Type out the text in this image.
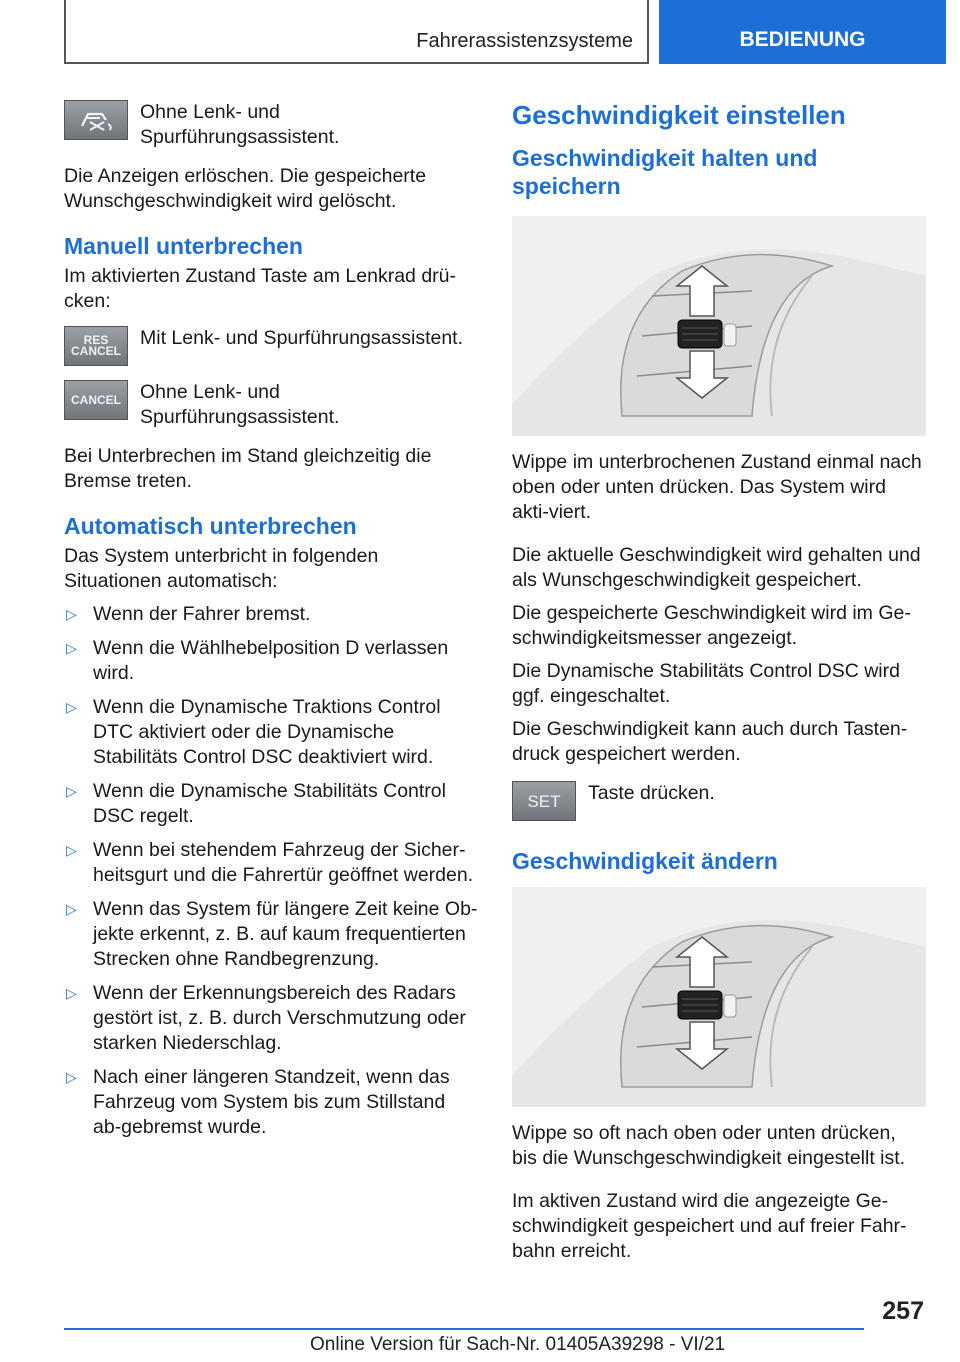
Fahrerassistenzsysteme	BEDIENUNG
Ohne Lenk- und Spurführungsassistent.

Die Anzeigen erlöschen. Die gespeicherte Wunschgeschwindigkeit wird gelöscht.

Manuell unterbrechen

Im aktivierten Zustand Taste am Lenkrad drü‐cken:

RES
CANCEL
Mit Lenk- und Spurführungsassistent.
CANCEL Ohne Lenk- und Spurführungsassistent.

Bei Unterbrechen im Stand gleichzeitig die Bremse treten.

Automatisch unterbrechen

Das System unterbricht in folgenden Situationen automatisch:

▷ Wenn der Fahrer bremst.
▷ Wenn die Wählhebelposition D verlassen wird.
▷ Wenn die Dynamische Traktions Control DTC aktiviert oder die Dynamische Stabilitäts Control DSC deaktiviert wird.
▷ Wenn die Dynamische Stabilitäts Control DSC regelt.
▷ Wenn bei stehendem Fahrzeug der Sicher‐heitsgurt und die Fahrertür geöffnet werden.
▷ Wenn das System für längere Zeit keine Ob‐jekte erkennt, z. B. auf kaum frequentierten Strecken ohne Randbegrenzung.
▷ Wenn der Erkennungsbereich des Radars gestört ist, z. B. durch Verschmutzung oder starken Niederschlag.
▷ Nach einer längeren Standzeit, wenn das Fahrzeug vom System bis zum Stillstand ab‐gebremst wurde.
Geschwindigkeit einstellen
Geschwindigkeit halten und speichern

Wippe im unterbrochenen Zustand einmal nach oben oder unten drücken. Das System wird akti‐viert.

Die aktuelle Geschwindigkeit wird gehalten und als Wunschgeschwindigkeit gespeichert.

Die gespeicherte Geschwindigkeit wird im Ge‐schwindigkeitsmesser angezeigt.

Die Dynamische Stabilitäts Control DSC wird ggf. eingeschaltet.

Die Geschwindigkeit kann auch durch Tasten‐druck gespeichert werden.

SET Taste drücken.
Geschwindigkeit ändern

Wippe so oft nach oben oder unten drücken, bis die Wunschgeschwindigkeit eingestellt ist.

Im aktiven Zustand wird die angezeigte Ge‐schwindigkeit gespeichert und auf freier Fahr‐bahn erreicht.

257
Online Version für Sach-Nr. 01405A39298 - VI/21
